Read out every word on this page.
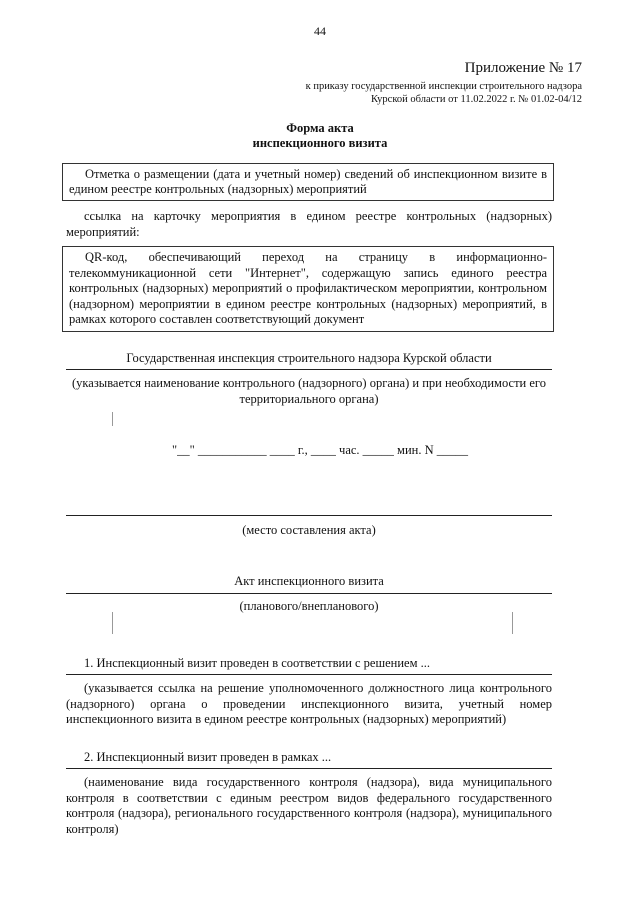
44
Приложение № 17
к приказу государственной инспекции строительного надзора
Курской области от 11.02.2022 г. № 01.02-04/12
Форма акта
инспекционного визита

Отметка о размещении (дата и учетный номер) сведений об инспекционном визите в едином реестре контрольных (надзорных) мероприятий

ссылка на карточку мероприятия в едином реестре контрольных (надзорных) мероприятий:

QR-код, обеспечивающий переход на страницу в информационно-телекоммуникационной сети "Интернет", содержащую запись единого реестра контрольных (надзорных) мероприятий о профилактическом мероприятии, контрольном (надзорном) мероприятии в едином реестре контрольных (надзорных) мероприятий, в рамках которого составлен соответствующий документ

Государственная инспекция строительного надзора Курской области
(указывается наименование контрольного (надзорного) органа) и при необходимости его территориального органа)
"__" ___________ ____ г., ____ час. _____ мин. N _____
(место составления акта)
Акт инспекционного визита
(планового/внепланового)

1. Инспекционный визит проведен в соответствии с решением ...

(указывается ссылка на решение уполномоченного должностного лица контрольного (надзорного) органа о проведении инспекционного визита, учетный номер инспекционного визита в едином реестре контрольных (надзорных) мероприятий)

2. Инспекционный визит проведен в рамках ...

(наименование вида государственного контроля (надзора), вида муниципального контроля в соответствии с единым реестром видов федерального государственного контроля (надзора), регионального государственного контроля (надзора), муниципального контроля)
